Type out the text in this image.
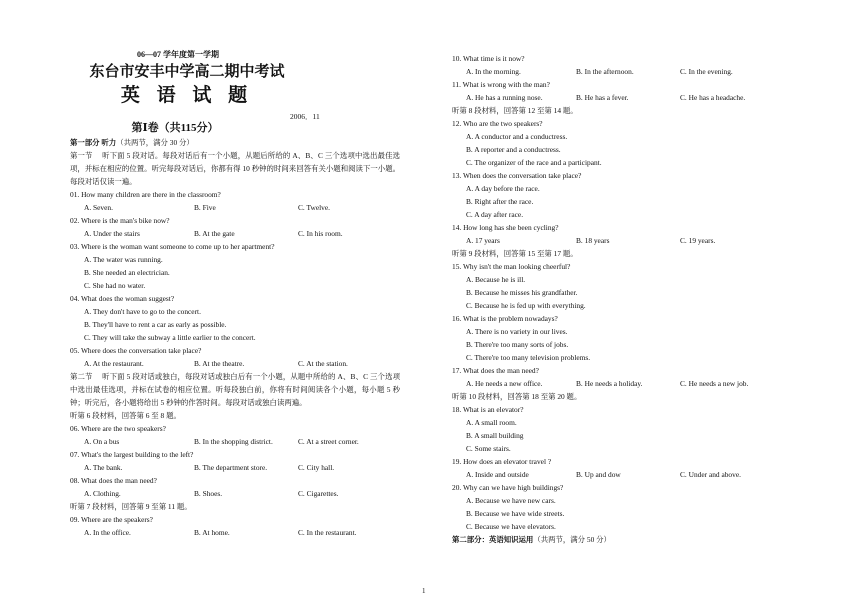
06—07 学年度第一学期
东台市安丰中学高二期中考试
英 语 试 题
2006．11
第Ⅰ卷（共115分）
第一部分 听力（共两节，满分 30 分）
第一节　 听下面 5 段对话。每段对话后有一个小题，从题后所给的 A、B、C 三个选项中选出最佳选项，并标在相应的位置。听完每段对话后，你都有得 10 秒钟的时间来回答有关小题和阅读下一小题。每段对话仅读一遍。
01. How many children are there in the classroom?
A. Seven.	B. Five	C. Twelve.
02. Where is the man's bike now?
A. Under the stairs	B. At the gate	C. In his room.
03. Where is the woman want someone to come up to her apartment?
A. The water was running.
B. She needed an electrician.
C. She had no water.
04. What does the woman suggest?
A. They don't have to go to the concert.
B. They'll have to rent a car as early as possible.
C. They will take the subway a little earlier to the concert.
05. Where does the conversation take place?
A. At the restaurant.	B. At the theatre.	C. At the station.
第二节　 听下面 5 段对话或独白，每段对话或独白后有一个小题，从题中所给的 A、B、C 三个选项中选出最佳选项，并标在试卷的相应位置。听每段独白前，你将有时间阅读各个小题，每小题 5 秒钟；听完后，各小题将给出 5 秒钟的作答时间。每段对话或独白读两遍。
听第 6 段材料，回答第 6 至 8 题。
06. Where are the two speakers?
A. On a bus	B. In the shopping district.	C. At a street corner.
07. What's the largest building to the left?
A. The bank.	B. The department store.	C. City hall.
08. What does the man need?
A. Clothing.	B. Shoes.	C. Cigarettes.
听第 7 段材料，回答第 9 至第 11 题。
09. Where are the speakers?
A. In the office.	B. At home.	C. In the restaurant.
10. What time is it now?
A. In the morning.	B. In the afternoon.	C. In the evening.
11. What is wrong with the man?
A. He has a running nose.	B. He has a fever.	C. He has a headache.
听第 8 段材料，回答第 12 至第 14 题。
12. Who are the two speakers?
A. A conductor and a conductress.
B. A reporter and a conductress.
C. The organizer of the race and a participant.
13. When does the conversation take place?
A. A day before the race.
B. Right after the race.
C. A day after race.
14. How long has she been cycling?
A. 17 years	B. 18 years	C. 19 years.
听第 9 段材料，回答第 15 至第 17 题。
15. Why isn't the man looking cheerful?
A. Because he is ill.
B. Because he misses his grandfather.
C. Because he is fed up with everything.
16. What is the problem nowadays?
A. There is no variety in our lives.
B. There're too many sorts of jobs.
C. There're too many television problems.
17. What does the man need?
A. He needs a new office.	B. He needs a holiday.	C. He needs a new job.
听第 10 段材料，回答第 18 至第 20 题。
18. What is an elevator?
A. A small room.
B. A small building
C. Some stairs.
19. How does an elevator travel ?
A. Inside and outside	B. Up and dow	C. Under and above.
20. Why can we have high buildings?
A. Because we have new cars.
B. Because we have wide streets.
C. Because we have elevators.
第二部分：英语知识运用（共两节，满分 50 分）
1
